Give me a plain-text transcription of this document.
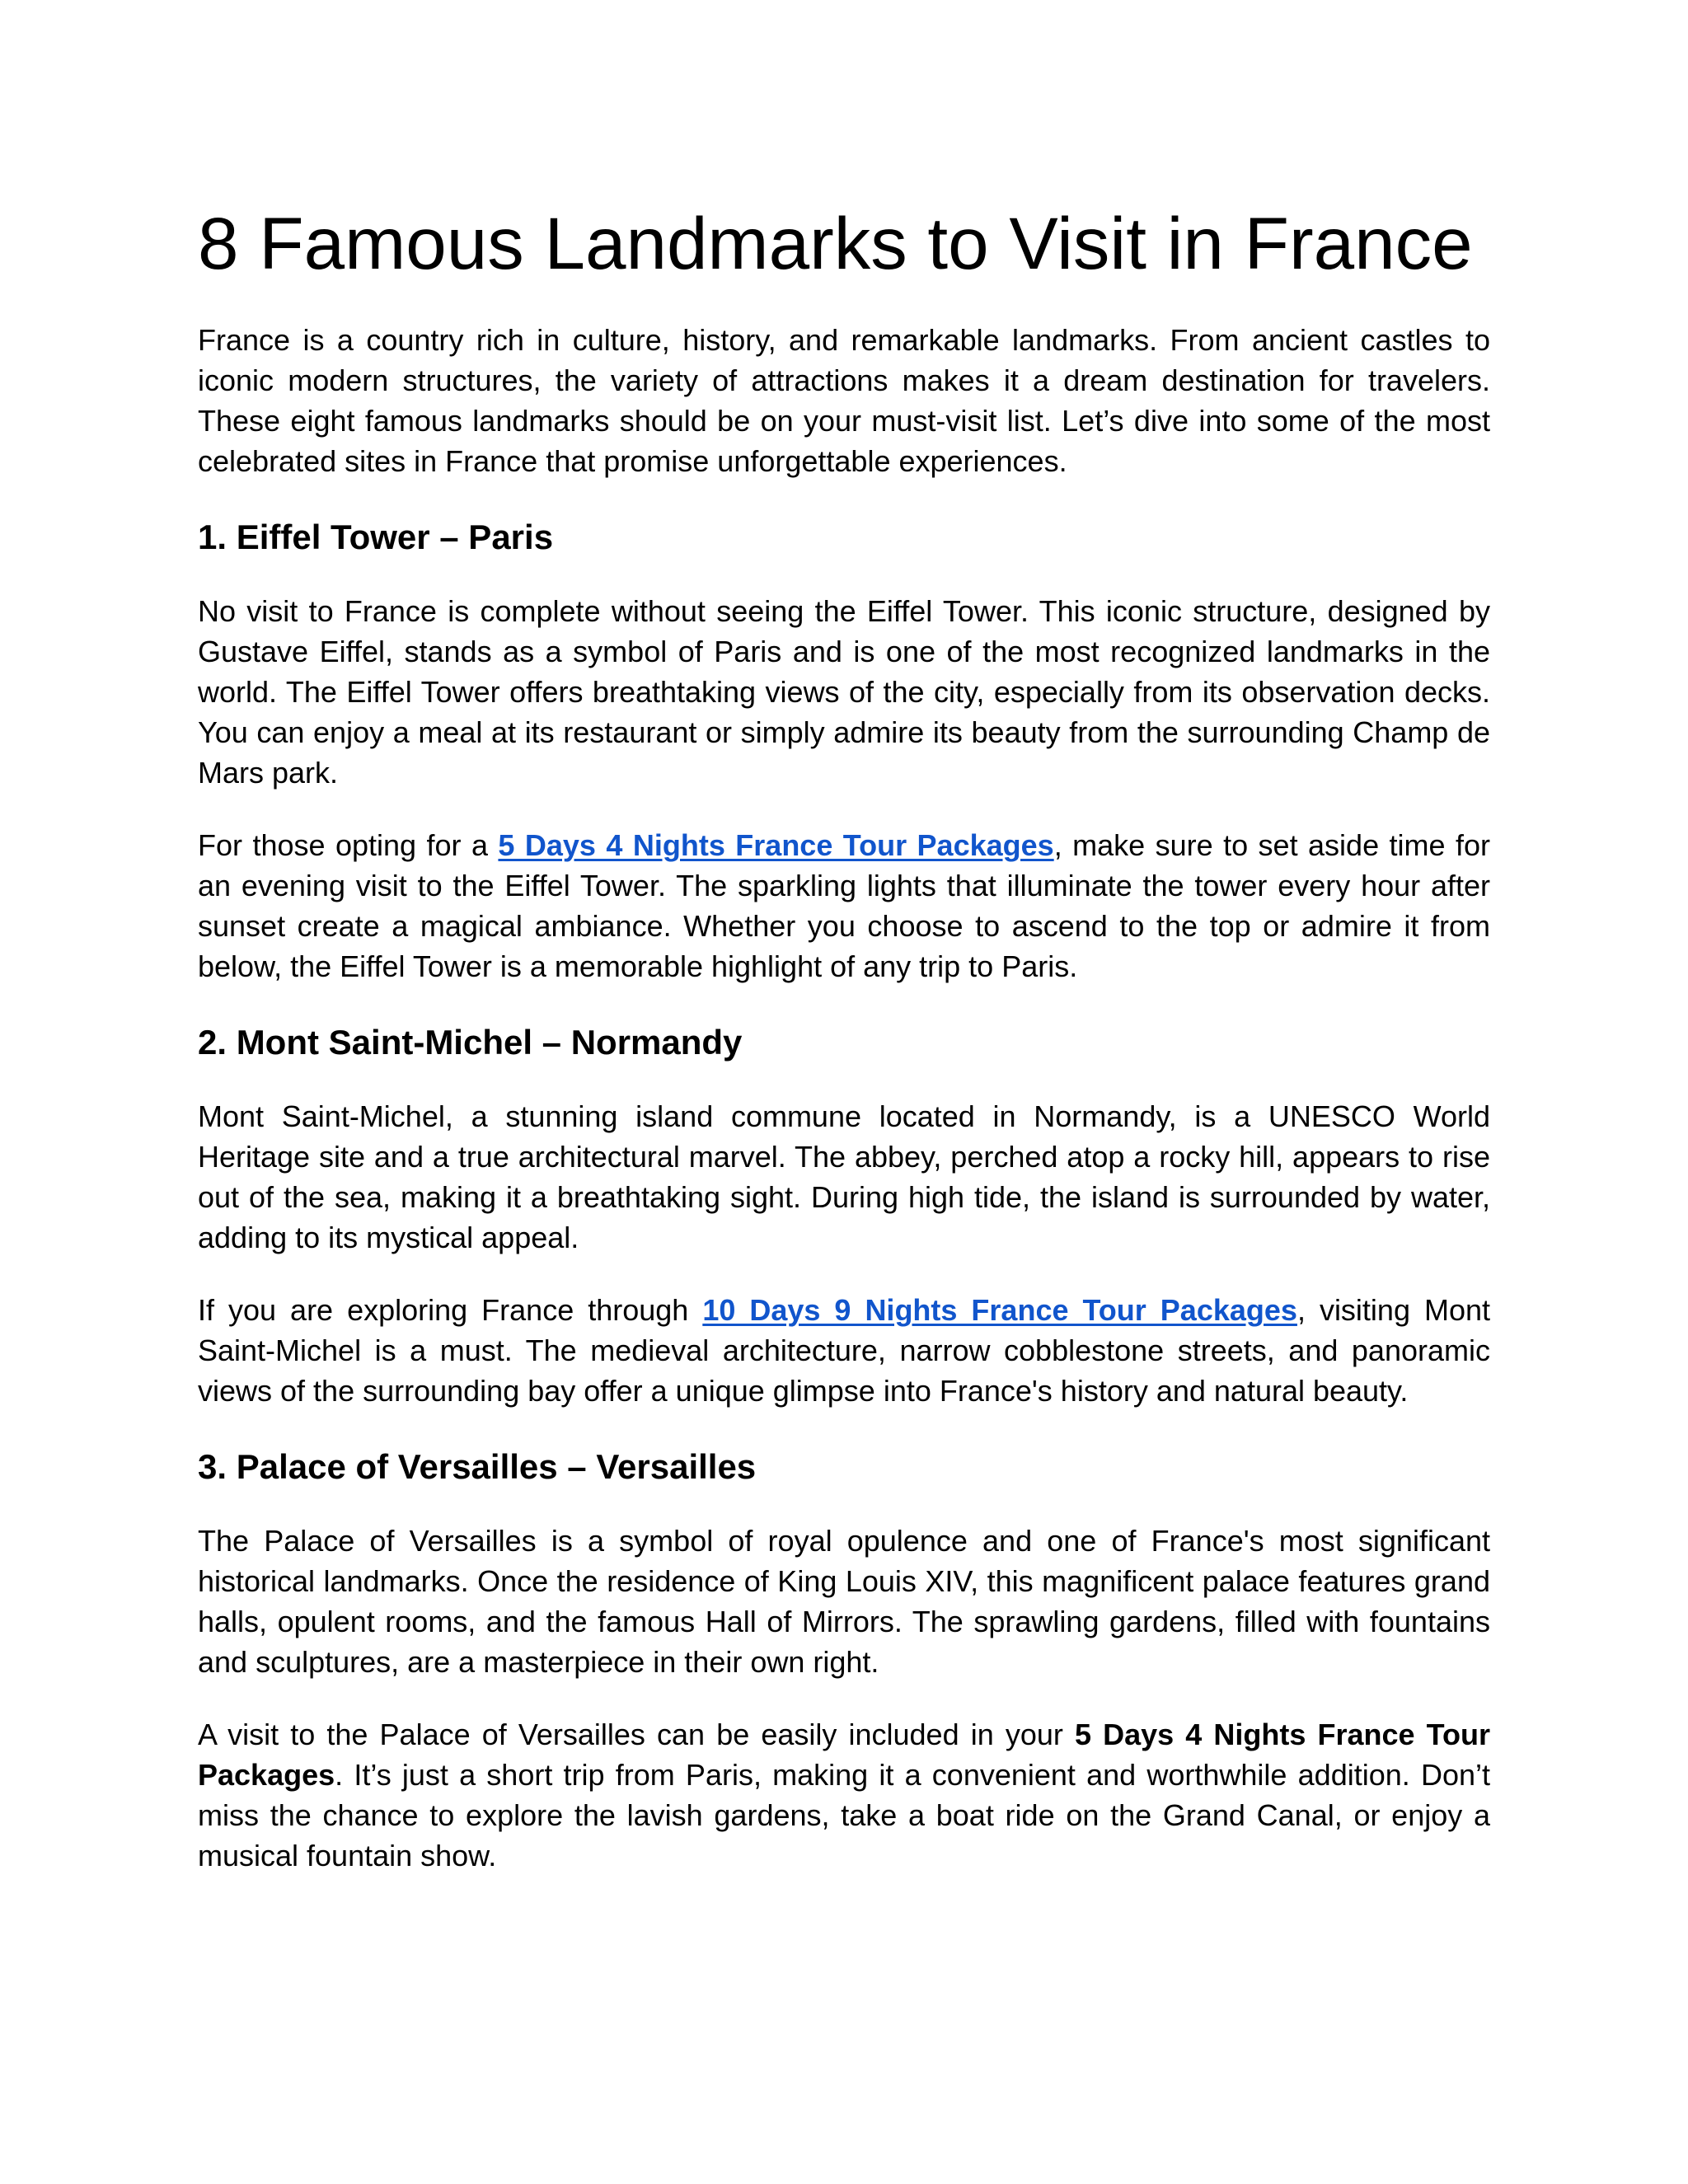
8 Famous Landmarks to Visit in France

France is a country rich in culture, history, and remarkable landmarks. From ancient castles to iconic modern structures, the variety of attractions makes it a dream destination for travelers. These eight famous landmarks should be on your must-visit list. Let’s dive into some of the most celebrated sites in France that promise unforgettable experiences.

1. Eiffel Tower – Paris

No visit to France is complete without seeing the Eiffel Tower. This iconic structure, designed by Gustave Eiffel, stands as a symbol of Paris and is one of the most recognized landmarks in the world. The Eiffel Tower offers breathtaking views of the city, especially from its observation decks. You can enjoy a meal at its restaurant or simply admire its beauty from the surrounding Champ de Mars park.

For those opting for a 5 Days 4 Nights France Tour Packages, make sure to set aside time for an evening visit to the Eiffel Tower. The sparkling lights that illuminate the tower every hour after sunset create a magical ambiance. Whether you choose to ascend to the top or admire it from below, the Eiffel Tower is a memorable highlight of any trip to Paris.

2. Mont Saint-Michel – Normandy

Mont Saint-Michel, a stunning island commune located in Normandy, is a UNESCO World Heritage site and a true architectural marvel. The abbey, perched atop a rocky hill, appears to rise out of the sea, making it a breathtaking sight. During high tide, the island is surrounded by water, adding to its mystical appeal.

If you are exploring France through 10 Days 9 Nights France Tour Packages, visiting Mont Saint-Michel is a must. The medieval architecture, narrow cobblestone streets, and panoramic views of the surrounding bay offer a unique glimpse into France's history and natural beauty.

3. Palace of Versailles – Versailles

The Palace of Versailles is a symbol of royal opulence and one of France's most significant historical landmarks. Once the residence of King Louis XIV, this magnificent palace features grand halls, opulent rooms, and the famous Hall of Mirrors. The sprawling gardens, filled with fountains and sculptures, are a masterpiece in their own right.

A visit to the Palace of Versailles can be easily included in your 5 Days 4 Nights France Tour Packages. It’s just a short trip from Paris, making it a convenient and worthwhile addition. Don’t miss the chance to explore the lavish gardens, take a boat ride on the Grand Canal, or enjoy a musical fountain show.
